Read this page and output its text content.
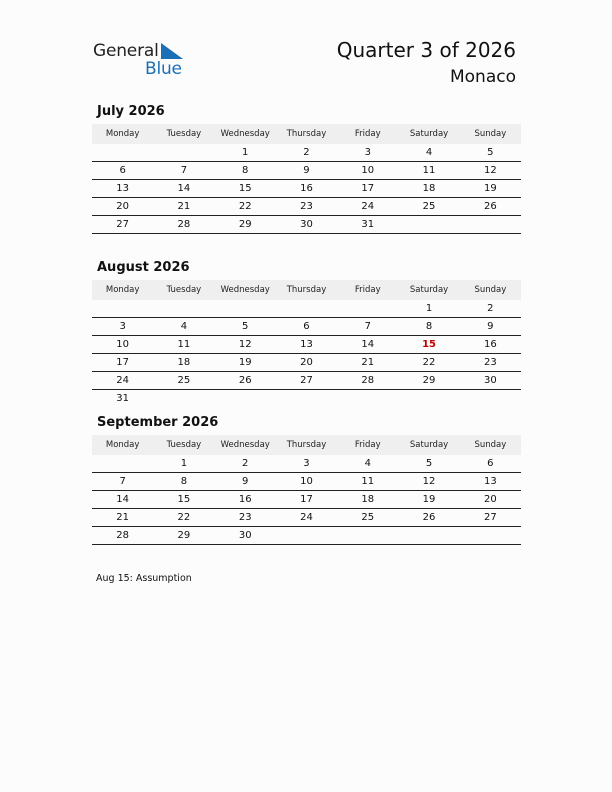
General
Blue
Quarter 3 of 2026
Monaco
July 2026
Monday	Tuesday	Wednesday	Thursday	Friday	Saturday	Sunday
		1	2	3	4	5
6	7	8	9	10	11	12
13	14	15	16	17	18	19
20	21	22	23	24	25	26
27	28	29	30	31		
August 2026
Monday	Tuesday	Wednesday	Thursday	Friday	Saturday	Sunday
					1	2
3	4	5	6	7	8	9
10	11	12	13	14	15	16
17	18	19	20	21	22	23
24	25	26	27	28	29	30
31						
September 2026
Monday	Tuesday	Wednesday	Thursday	Friday	Saturday	Sunday
	1	2	3	4	5	6
7	8	9	10	11	12	13
14	15	16	17	18	19	20
21	22	23	24	25	26	27
28	29	30				
Aug 15: Assumption
